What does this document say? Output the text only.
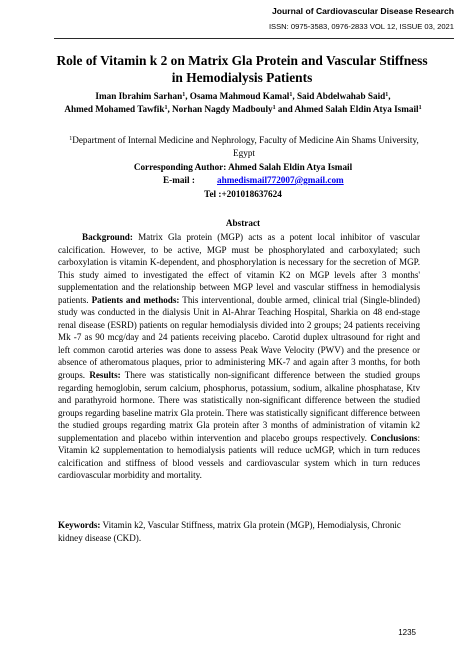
Journal of Cardiovascular Disease Research
ISSN: 0975-3583, 0976-2833 VOL 12, ISSUE 03, 2021
Role of Vitamin k 2 on Matrix Gla Protein and Vascular Stiffness in Hemodialysis Patients
Iman Ibrahim Sarhan$^1$, Osama Mahmoud Kamal$^1$, Said Abdelwahab Said$^1$, Ahmed Mohamed Tawfik$^1$, Norhan Nagdy Madbouly$^1$ and Ahmed Salah Eldin Atya Ismail$^1$
$^1$Department of Internal Medicine and Nephrology, Faculty of Medicine Ain Shams University, Egypt
Corresponding Author: Ahmed Salah Eldin Atya Ismail
E-mail : ahmedismail772007@gmail.com
Tel :+201018637624
Abstract

Background: Matrix Gla protein (MGP) acts as a potent local inhibitor of vascular calcification. However, to be active, MGP must be phosphorylated and carboxylated; such carboxylation is vitamin K-dependent, and phosphorylation is necessary for the secretion of MGP. This study aimed to investigated the effect of vitamin K2 on MGP levels after 3 months' supplementation and the relationship between MGP level and vascular stiffness in hemodialysis patients. Patients and methods: This interventional, double armed, clinical trial (Single-blinded) study was conducted in the dialysis Unit in Al-Ahrar Teaching Hospital, Sharkia on 48 end-stage renal disease (ESRD) patients on regular hemodialysis divided into 2 groups; 24 patients receiving Mk -7 as 90 mcg/day and 24 patients receiving placebo. Carotid duplex ultrasound for right and left common carotid arteries was done to assess Peak Wave Velocity (PWV) and the presence or absence of atheromatous plaques, prior to administering MK-7 and again after 3 months, for both groups. Results: There was statistically non-significant difference between the studied groups regarding hemoglobin, serum calcium, phosphorus, potassium, sodium, alkaline phosphatase, Ktv and parathyroid hormone. There was statistically non-significant difference between the studied groups regarding baseline matrix Gla protein. There was statistically significant difference between the studied groups regarding matrix Gla protein after 3 months of administration of vitamin k2 supplementation and placebo within intervention and placebo groups respectively. Conclusions: Vitamin k2 supplementation to hemodialysis patients will reduce ucMGP, which in turn reduces calcification and stiffness of blood vessels and cardiovascular system which in turn reduces cardiovascular morbidity and mortality.

Keywords: Vitamin k2, Vascular Stiffness, matrix Gla protein (MGP), Hemodialysis, Chronic kidney disease (CKD).
1235
